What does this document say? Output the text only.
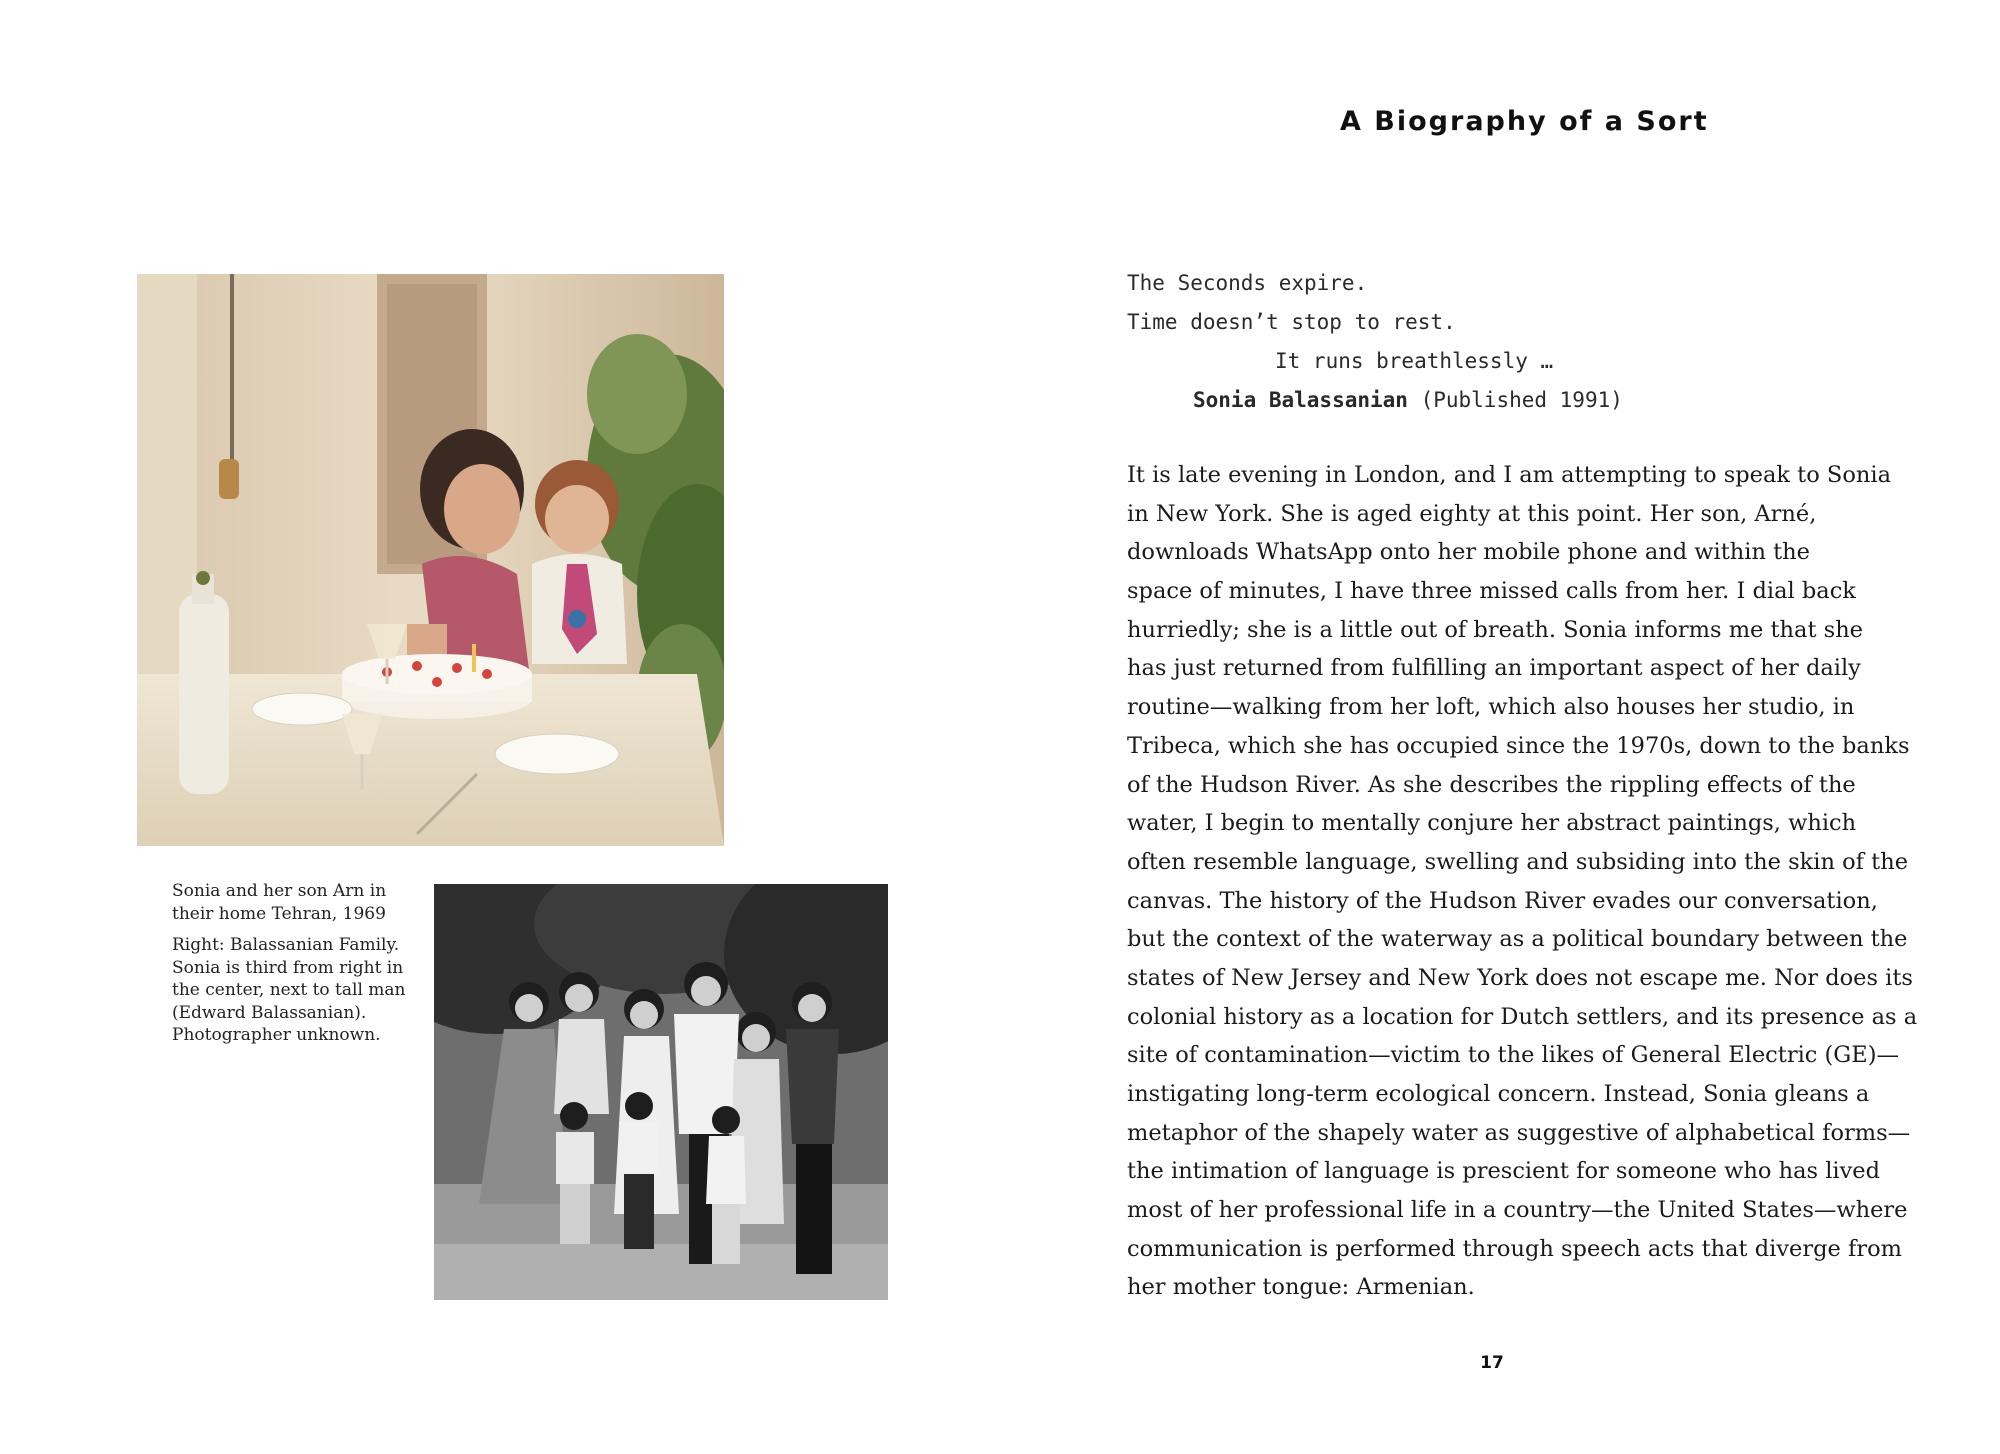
A Biography of a Sort

Sonia and her son Arn in their home Tehran, 1969

Right: Balassanian Family. Sonia is third from right in the center, next to tall man (Edward Balassanian). Photographer unknown.

The Seconds expire.
Time doesn’t stop to rest.
It runs breathlessly …
Sonia Balassanian (Published 1991)
It is late evening in London, and I am attempting to speak to Sonia
in New York. She is aged eighty at this point. Her son, Arné,
downloads WhatsApp onto her mobile phone and within the
space of minutes, I have three missed calls from her. I dial back
hurriedly; she is a little out of breath. Sonia informs me that she
has just returned from fulfilling an important aspect of her daily
routine—walking from her loft, which also houses her studio, in
Tribeca, which she has occupied since the 1970s, down to the banks
of the Hudson River. As she describes the rippling effects of the
water, I begin to mentally conjure her abstract paintings, which
often resemble language, swelling and subsiding into the skin of the
canvas. The history of the Hudson River evades our conversation,
but the context of the waterway as a political boundary between the
states of New Jersey and New York does not escape me. Nor does its
colonial history as a location for Dutch settlers, and its presence as a
site of contamination—victim to the likes of General Electric (GE)—
instigating long-term ecological concern. Instead, Sonia gleans a
metaphor of the shapely water as suggestive of alphabetical forms—
the intimation of language is prescient for someone who has lived
most of her professional life in a country—the United States—where
communication is performed through speech acts that diverge from
her mother tongue: Armenian.
17
